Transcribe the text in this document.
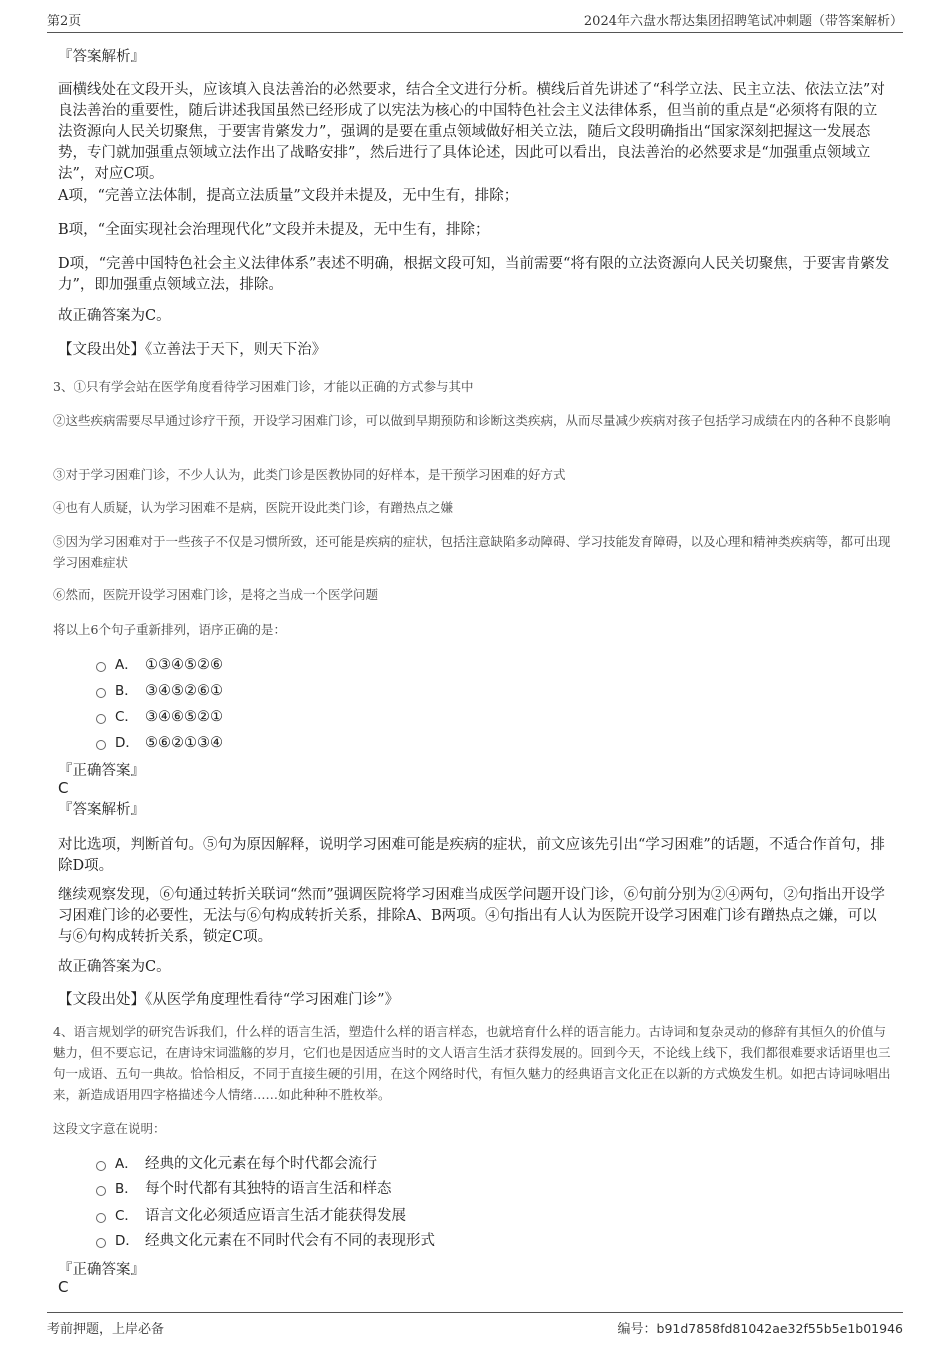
第2页	2024年六盘水帮达集团招聘笔试冲刺题（带答案解析）
『答案解析』
画横线处在文段开头，应该填入良法善治的必然要求，结合全文进行分析。横线后首先讲述了“科学立法、民主立法、依法立法”对良法善治的重要性，随后讲述我国虽然已经形成了以宪法为核心的中国特色社会主义法律体系，但当前的重点是“必须将有限的立法资源向人民关切聚焦，于要害肯綮发力”，强调的是要在重点领域做好相关立法，随后文段明确指出“国家深刻把握这一发展态势，专门就加强重点领域立法作出了战略安排”，然后进行了具体论述，因此可以看出，良法善治的必然要求是“加强重点领域立法”，对应C项。
A项，“完善立法体制，提高立法质量”文段并未提及，无中生有，排除；
B项，“全面实现社会治理现代化”文段并未提及，无中生有，排除；
D项，“完善中国特色社会主义法律体系”表述不明确，根据文段可知，当前需要“将有限的立法资源向人民关切聚焦，于要害肯綮发力”，即加强重点领域立法，排除。
故正确答案为C。
【文段出处】《立善法于天下，则天下治》
3、①只有学会站在医学角度看待学习困难门诊，才能以正确的方式参与其中
②这些疾病需要尽早通过诊疗干预，开设学习困难门诊，可以做到早期预防和诊断这类疾病，从而尽量减少疾病对孩子包括学习成绩在内的各种不良影响
③对于学习困难门诊，不少人认为，此类门诊是医教协同的好样本，是干预学习困难的好方式
④也有人质疑，认为学习困难不是病，医院开设此类门诊，有蹭热点之嫌
⑤因为学习困难对于一些孩子不仅是习惯所致，还可能是疾病的症状，包括注意缺陷多动障碍、学习技能发育障碍，以及心理和精神类疾病等，都可出现学习困难症状
⑥然而，医院开设学习困难门诊，是将之当成一个医学问题
将以上6个句子重新排列，语序正确的是：
A． ①③④⑤②⑥
B． ③④⑤②⑥①
C． ③④⑥⑤②①
D． ⑤⑥②①③④
『正确答案』
C
『答案解析』
对比选项，判断首句。⑤句为原因解释，说明学习困难可能是疾病的症状，前文应该先引出“学习困难”的话题，不适合作首句，排除D项。
继续观察发现，⑥句通过转折关联词“然而”强调医院将学习困难当成医学问题开设门诊，⑥句前分别为②④两句，②句指出开设学习困难门诊的必要性，无法与⑥句构成转折关系，排除A、B两项。④句指出有人认为医院开设学习困难门诊有蹭热点之嫌，可以与⑥句构成转折关系，锁定C项。
故正确答案为C。
【文段出处】《从医学角度理性看待“学习困难门诊”》
4、语言规划学的研究告诉我们，什么样的语言生活，塑造什么样的语言样态，也就培育什么样的语言能力。古诗词和复杂灵动的修辞有其恒久的价值与魅力，但不要忘记，在唐诗宋词滥觞的岁月，它们也是因适应当时的文人语言生活才获得发展的。回到今天，不论线上线下，我们都很难要求话语里也三句一成语、五句一典故。恰恰相反，不同于直接生硬的引用，在这个网络时代，有恒久魅力的经典语言文化正在以新的方式焕发生机。如把古诗词咏唱出来，新造成语用四字格描述今人情绪……如此种种不胜枚举。
这段文字意在说明：
A． 经典的文化元素在每个时代都会流行
B． 每个时代都有其独特的语言生活和样态
C． 语言文化必须适应语言生活才能获得发展
D． 经典文化元素在不同时代会有不同的表现形式
『正确答案』
C
考前押题，上岸必备	编号：b91d7858fd81042ae32f55b5e1b01946
